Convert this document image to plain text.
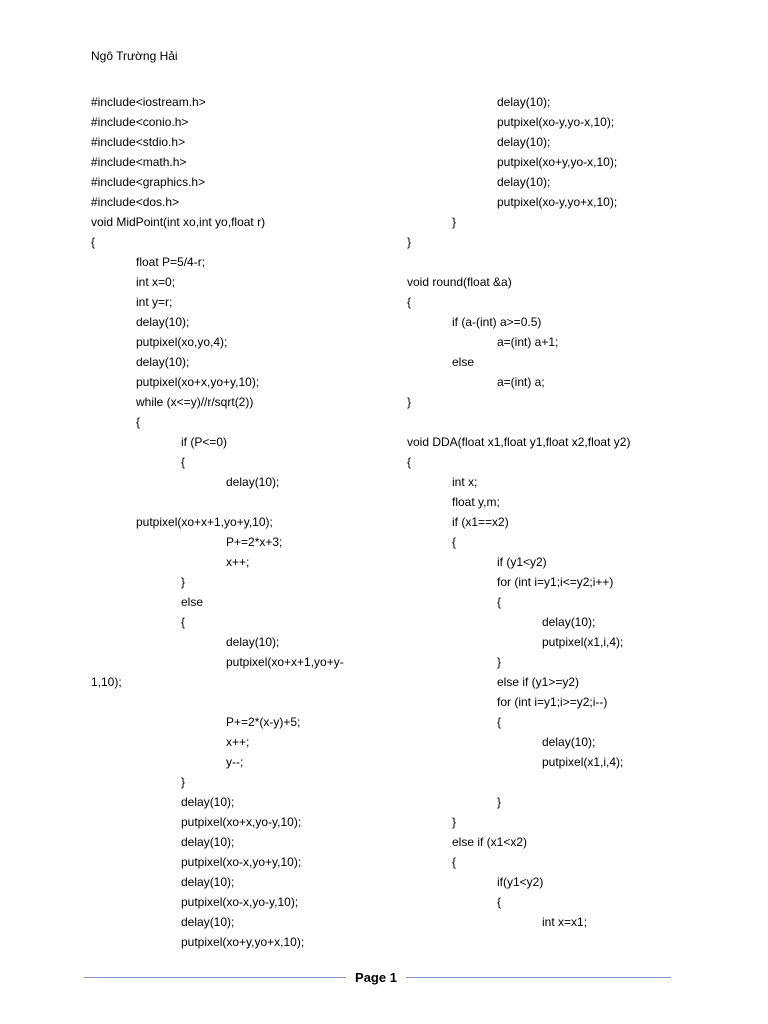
Ngô Trường Hải
#include<iostream.h>
#include<conio.h>
#include<stdio.h>
#include<math.h>
#include<graphics.h>
#include<dos.h>
void MidPoint(int xo,int yo,float r)
{
float P=5/4-r;
int x=0;
int y=r;
delay(10);
putpixel(xo,yo,4);
delay(10);
putpixel(xo+x,yo+y,10);
while (x<=y)//r/sqrt(2))
{
if (P<=0)
{
delay(10);
putpixel(xo+x+1,yo+y,10);
P+=2*x+3;
x++;
}
else
{
delay(10);
putpixel(xo+x+1,yo+y-
1,10);
P+=2*(x-y)+5;
x++;
y--;
}
delay(10);
putpixel(xo+x,yo-y,10);
delay(10);
putpixel(xo-x,yo+y,10);
delay(10);
putpixel(xo-x,yo-y,10);
delay(10);
putpixel(xo+y,yo+x,10);
delay(10);
putpixel(xo-y,yo-x,10);
delay(10);
putpixel(xo+y,yo-x,10);
delay(10);
putpixel(xo-y,yo+x,10);
}
}
void round(float &a)
{
if (a-(int) a>=0.5)
a=(int) a+1;
else
a=(int) a;
}
void DDA(float x1,float y1,float x2,float y2)
{
int x;
float y,m;
if (x1==x2)
{
if (y1<y2)
for (int i=y1;i<=y2;i++)
{
delay(10);
putpixel(x1,i,4);
}
else if (y1>=y2)
for (int i=y1;i>=y2;i--)
{
delay(10);
putpixel(x1,i,4);
}
}
else if (x1<x2)
{
if(y1<y2)
{
int x=x1;
Page 1
